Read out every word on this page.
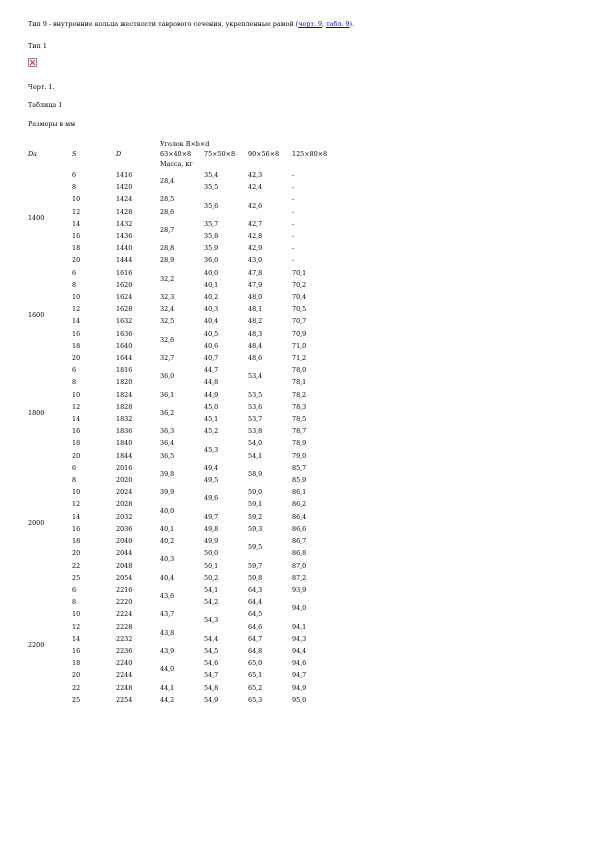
Тип 9 - внутренние кольца жесткости таврового сечения, укрепленные рамой (черт. 9, табл. 9).

Тип 1

Черт. 1.

Таблица 1

Размеры в мм

Da	S	D	Уголок B×b×d			
			63×40×8	75×50×8	90×56×8	125×80×8
			Масса, кг			
1400	6	1416	28,4	35,4	42,3	-
	8	1420		35,5	42,4	-
	10	1424	28,5	35,6	42,6	-
	12	1428	28,6			-
	14	1432	28,7	35,7	42,7	-
	16	1436		35,8	42,8	-
	18	1440	28,8	35,9	42,9	-
	20	1444	28,9	36,0	43,0	-
1600	6	1616	32,2	40,0	47,8	70,1
	8	1620		40,1	47,9	70,2
	10	1624	32,3	40,2	48,0	70,4
	12	1628	32,4	40,3	48,1	70,5
	14	1632	32,5	40,4	48,2	70,7
	16	1636	32,6	40,5	48,3	70,9
	18	1640		40,6	48,4	71,0
	20	1644	32,7	40,7	48,6	71,2
1800	6	1816	36,0	44,7	53,4	78,0
	8	1820		44,8		78,1
	10	1824	36,1	44,9	53,5	78,2
	12	1828	36,2	45,0	53,6	78,3
	14	1832		45,1	53,7	78,5
	16	1836	36,3	45,2	53,8	78,7
	18	1840	36,4	45,3	54,0	78,9
	20	1844	36,5		54,1	79,0
2000	6	2016	39,8	49,4	58,9	85,7
	8	2020		49,5		85,9
	10	2024	39,9	49,6	59,0	86,1
	12	2028	40,0		59,1	86,2
	14	2032		49,7	59,2	86,4
	16	2036	40,1	49,8	59,3	86,6
	18	2040	40,2	49,9	59,5	86,7
	20	2044	40,3	50,0		86,8
	22	2048		50,1	59,7	87,0
	25	2054	40,4	50,2	59,8	87,2
2200	6	2216	43,6	54,1	64,3	93,9
	8	2220		54,2	64,4	94,0
	10	2224	43,7	54,3	64,5	
	12	2228	43,8		64,6	94,1
	14	2232		54,4	64,7	94,3
	16	2236	43,9	54,5	64,8	94,4
	18	2240	44,0	54,6	65,0	94,6
	20	2244		54,7	65,1	94,7
	22	2248	44,1	54,8	65,2	94,9
	25	2254	44,2	54,9	65,3	95,0
